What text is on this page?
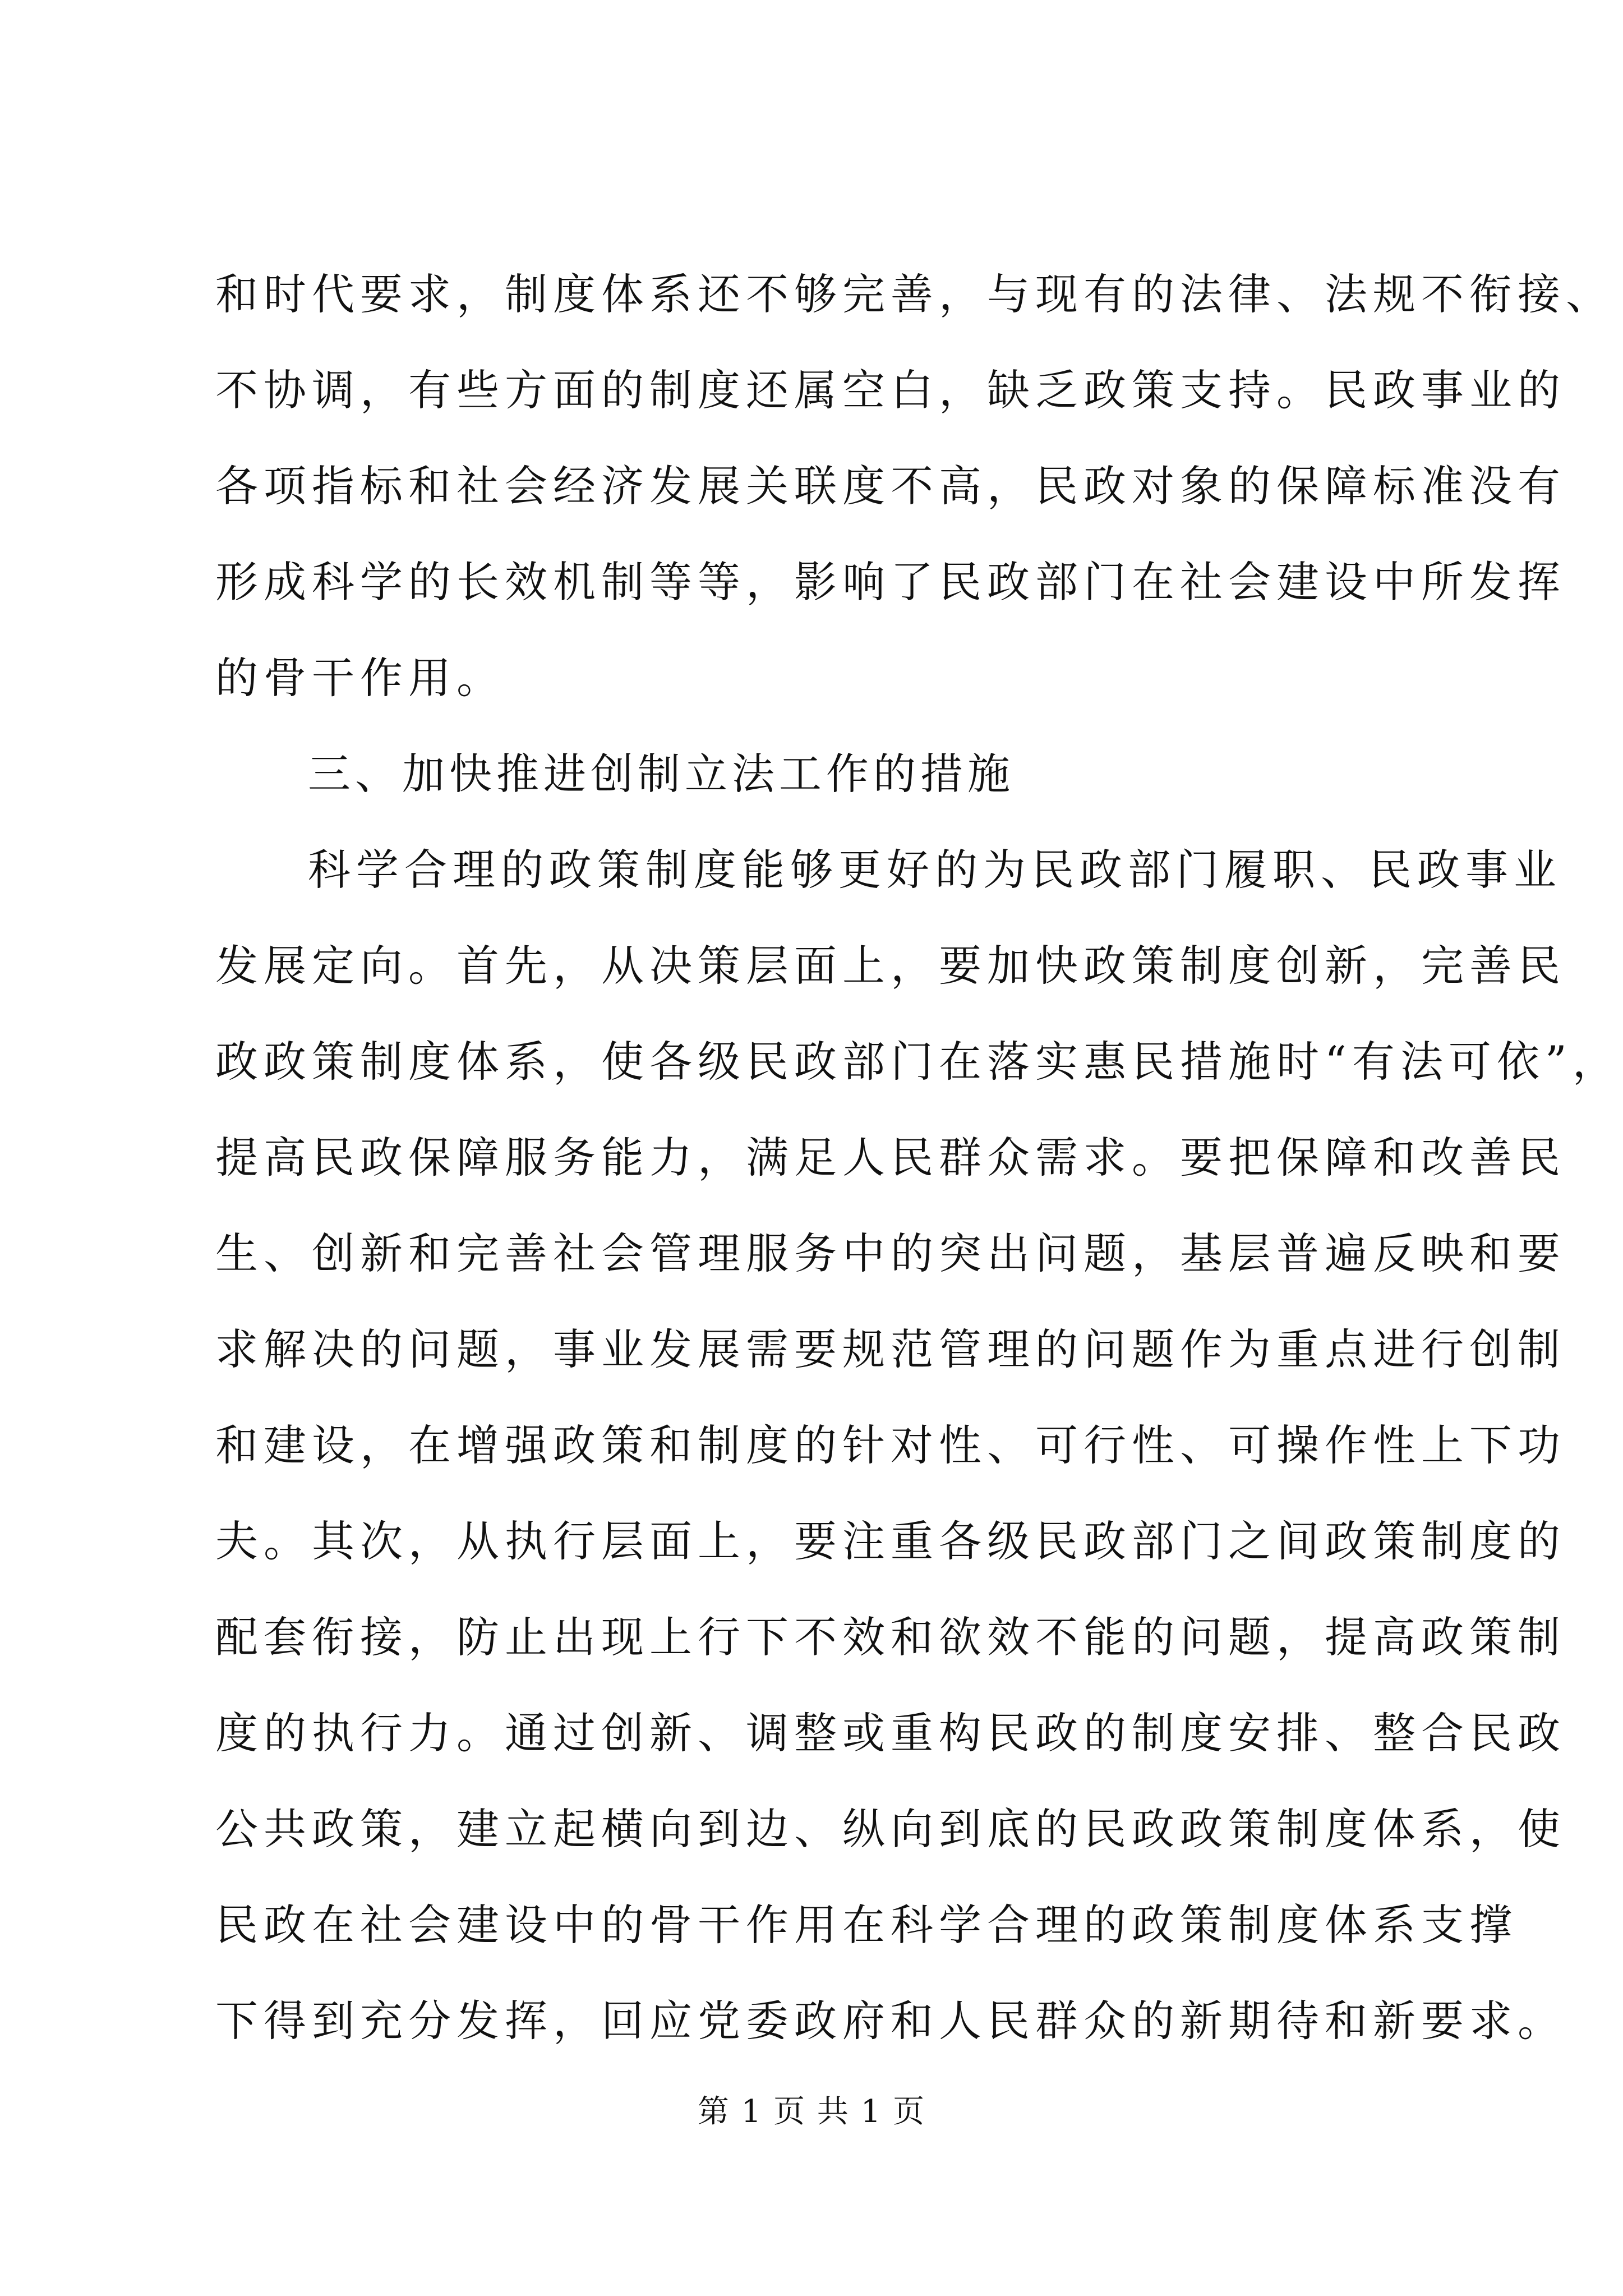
和时代要求，制度体系还不够完善，与现有的法律、法规不衔接、
不协调，有些方面的制度还属空白，缺乏政策支持。民政事业的
各项指标和社会经济发展关联度不高，民政对象的保障标准没有
形成科学的长效机制等等，影响了民政部门在社会建设中所发挥
的骨干作用。
三、加快推进创制立法工作的措施
科学合理的政策制度能够更好的为民政部门履职、民政事业
发展定向。首先，从决策层面上，要加快政策制度创新，完善民
政政策制度体系，使各级民政部门在落实惠民措施时“有法可依”，
提高民政保障服务能力，满足人民群众需求。要把保障和改善民
生、创新和完善社会管理服务中的突出问题，基层普遍反映和要
求解决的问题，事业发展需要规范管理的问题作为重点进行创制
和建设，在增强政策和制度的针对性、可行性、可操作性上下功
夫。其次，从执行层面上，要注重各级民政部门之间政策制度的
配套衔接，防止出现上行下不效和欲效不能的问题，提高政策制
度的执行力。通过创新、调整或重构民政的制度安排、整合民政
公共政策，建立起横向到边、纵向到底的民政政策制度体系，使
民政在社会建设中的骨干作用在科学合理的政策制度体系支撑
下得到充分发挥，回应党委政府和人民群众的新期待和新要求。
第 1 页 共 1 页
